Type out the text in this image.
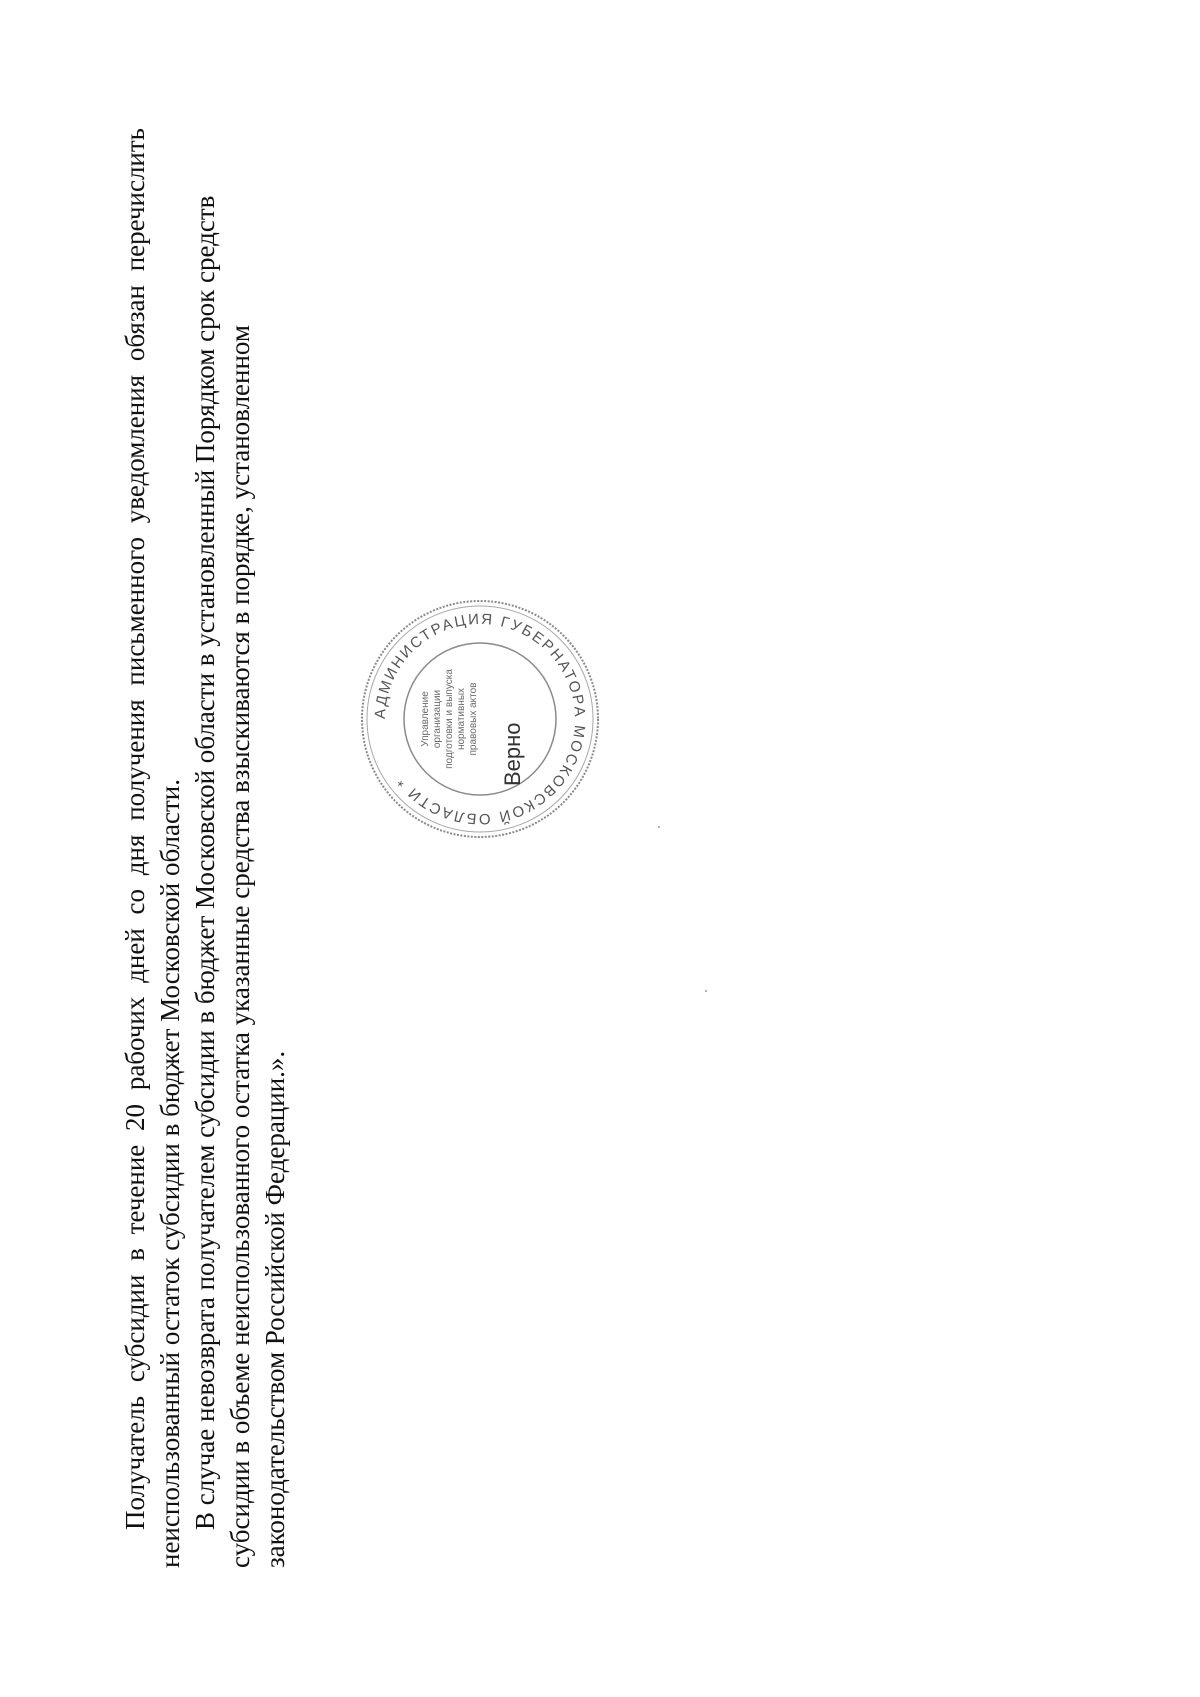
Получатель субсидии в течение 20 рабочих дней со дня получения письменного уведомления обязан перечислить неиспользованный остаток субсидии в бюджет Московской области. В случае невозврата получателем субсидии в бюджет Московской области в установленный Порядком срок средств субсидии в объеме неиспользованного остатка указанные средства взыскиваются в порядке, установленном законодательством Российской Федерации.».

АДМИНИСТРАЦИЯ ГУБЕРНАТОРА МОСКОВСКОЙ ОБЛАСТИ *
Управление организации подготовки и выпуска нормативных правовых актов Верно
